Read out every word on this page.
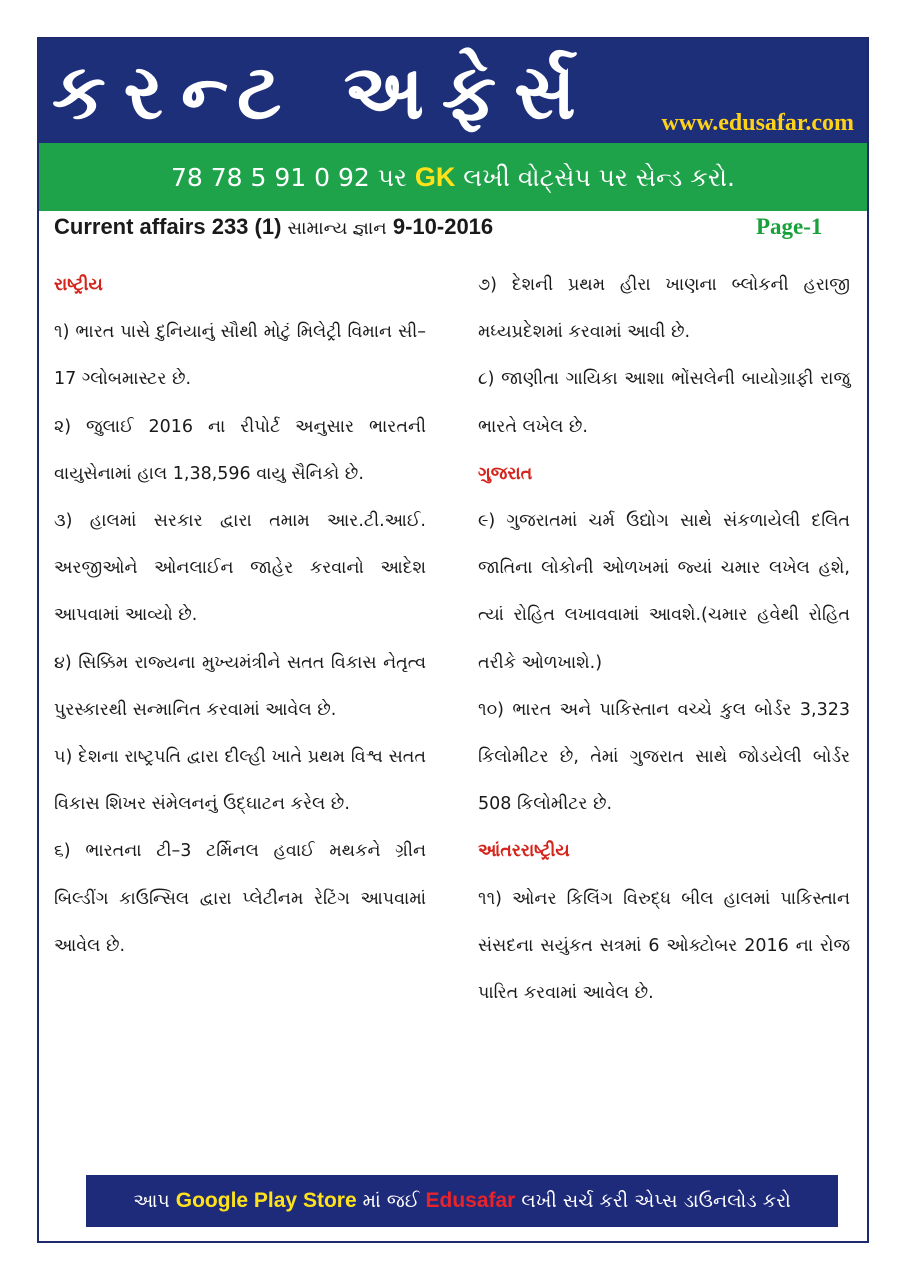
કરન્ટ અફેર્સ	www.edusafar.com
78 78 5 91 0 92 પર GK લખી વોટ્સેપ પર સેન્ડ કરો.
Current affairs 233 (1) સામાન્ય જ્ઞાન 9-10-2016	Page-1

રાષ્ટ્રીય

૧) ભારત પાસે દુનિયાનું સૌથી મોટું મિલેટ્રી વિમાન સી–17 ગ્લોબમાસ્ટર છે.

૨) જુલાઈ 2016 ના રીપોર્ટ અનુસાર ભારતની વાયુસેનામાં હાલ 1,38,596 વાયુ સૈનિકો છે.

૩) હાલમાં સરકાર દ્વારા તમામ આર.ટી.આઈ. અરજીઓને ઓનલાઈન જાહેર કરવાનો આદેશ આપવામાં આવ્યો છે.

૪) સિક્કિમ રાજ્યના મુખ્યમંત્રીને સતત વિકાસ નેતૃત્વ પુરસ્કારથી સન્માનિત કરવામાં આવેલ છે.

૫) દેશના રાષ્ટ્રપતિ દ્વારા દીલ્હી ખાતે પ્રથમ વિશ્વ સતત વિકાસ શિખર સંમેલનનું ઉદ્ઘાટન કરેલ છે.

૬) ભારતના ટી–3 ટર્મિનલ હવાઈ મથકને ગ્રીન બિલ્ડીંગ કાઉન્સિલ દ્વારા પ્લેટીનમ રેટિંગ આપવામાં આવેલ છે.

૭) દેશની પ્રથમ હીરા ખાણના બ્લોકની હરાજી મધ્યપ્રદેશમાં કરવામાં આવી છે.

૮) જાણીતા ગાયિકા આશા ભોંસલેની બાયોગ્રાફી રાજુ ભારતે લખેલ છે.

ગુજરાત

૯) ગુજરાતમાં ચર્મ ઉદ્યોગ સાથે સંકળાયેલી દલિત જાતિના લોકોની ઓળખમાં જ્યાં ચમાર લખેલ હશે, ત્યાં રોહિત લખાવવામાં આવશે.(ચમાર હવેથી રોહિત તરીકે ઓળખાશે.)

૧૦) ભારત અને પાકિસ્તાન વચ્ચે કુલ બોર્ડર 3,323 કિલોમીટર છે, તેમાં ગુજરાત સાથે જોડયેલી બોર્ડર 508 કિલોમીટર છે.

આંતરરાષ્ટ્રીય

૧૧) ઓનર કિલિંગ વિરુદ્ધ બીલ હાલમાં પાકિસ્તાન સંસદના સયુંકત સત્રમાં 6 ઓક્ટોબર 2016 ના રોજ પારિત કરવામાં આવેલ છે.

આપ Google Play Store માં જઈ Edusafar લખી સર્ચ કરી એપ્સ ડાઉનલોડ કરો
